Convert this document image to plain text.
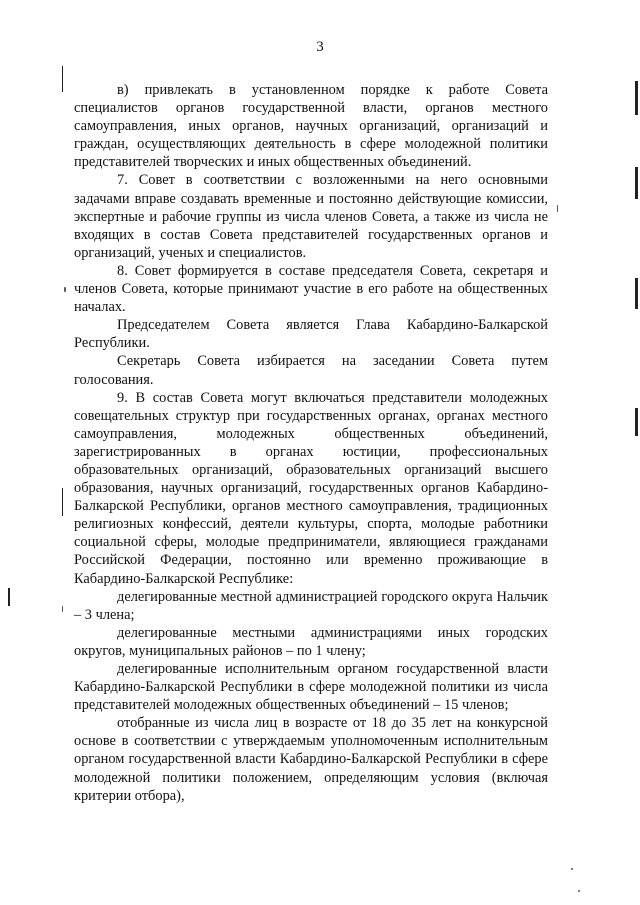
3

в) привлекать в установленном порядке к работе Совета специалистов органов государственной власти, органов местного самоуправления, иных органов, научных организаций, организаций и граждан, осуществляющих деятельность в сфере молодежной политики представителей творческих и иных общественных объединений.

7. Совет в соответствии с возложенными на него основными задачами вправе создавать временные и постоянно действующие комиссии, экспертные и рабочие группы из числа членов Совета, а также из числа не входящих в состав Совета представителей государственных органов и организаций, ученых и специалистов.

8. Совет формируется в составе председателя Совета, секретаря и членов Совета, которые принимают участие в его работе на общественных началах.

Председателем Совета является Глава Кабардино-Балкарской Республики.

Секретарь Совета избирается на заседании Совета путем голосования.

9. В состав Совета могут включаться представители молодежных совещательных структур при государственных органах, органах местного самоуправления, молодежных общественных объединений, зарегистрированных в органах юстиции, профессиональных образовательных организаций, образовательных организаций высшего образования, научных организаций, государственных органов Кабардино-Балкарской Республики, органов местного самоуправления, традиционных религиозных конфессий, деятели культуры, спорта, молодые работники социальной сферы, молодые предприниматели, являющиеся гражданами Российской Федерации, постоянно или временно проживающие в Кабардино-Балкарской Республике:

делегированные местной администрацией городского округа Нальчик – 3 члена;

делегированные местными администрациями иных городских округов, муниципальных районов – по 1 члену;

делегированные исполнительным органом государственной власти Кабардино-Балкарской Республики в сфере молодежной политики из числа представителей молодежных общественных объединений – 15 членов;

отобранные из числа лиц в возрасте от 18 до 35 лет на конкурсной основе в соответствии с утверждаемым уполномоченным исполнительным органом государственной власти Кабардино-Балкарской Республики в сфере молодежной политики положением, определяющим условия (включая критерии отбора),
